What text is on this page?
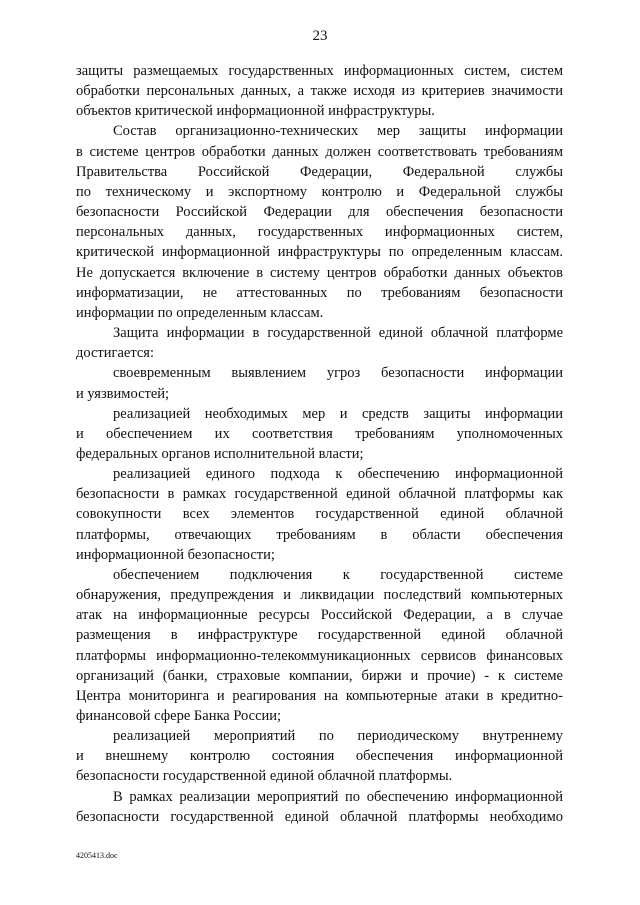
23

защиты размещаемых государственных информационных систем, систем

обработки персональных данных, а также исходя из критериев значимости

объектов критической информационной инфраструктуры.

Состав организационно-технических мер защиты информации

в системе центров обработки данных должен соответствовать требованиям

Правительства Российской Федерации, Федеральной службы

по техническому и экспортному контролю и Федеральной службы

безопасности Российской Федерации для обеспечения безопасности

персональных данных, государственных информационных систем,

критической информационной инфраструктуры по определенным классам.

Не допускается включение в систему центров обработки данных объектов

информатизации, не аттестованных по требованиям безопасности

информации по определенным классам.

Защита информации в государственной единой облачной платформе

достигается:

своевременным выявлением угроз безопасности информации

и уязвимостей;

реализацией необходимых мер и средств защиты информации

и обеспечением их соответствия требованиям уполномоченных

федеральных органов исполнительной власти;

реализацией единого подхода к обеспечению информационной

безопасности в рамках государственной единой облачной платформы как

совокупности всех элементов государственной единой облачной

платформы, отвечающих требованиям в области обеспечения

информационной безопасности;

обеспечением подключения к государственной системе

обнаружения, предупреждения и ликвидации последствий компьютерных

атак на информационные ресурсы Российской Федерации, а в случае

размещения в инфраструктуре государственной единой облачной

платформы информационно-телекоммуникационных сервисов финансовых

организаций (банки, страховые компании, биржи и прочие) - к системе

Центра мониторинга и реагирования на компьютерные атаки в кредитно-

финансовой сфере Банка России;

реализацией мероприятий по периодическому внутреннему

и внешнему контролю состояния обеспечения информационной

безопасности государственной единой облачной платформы.

В рамках реализации мероприятий по обеспечению информационной

безопасности государственной единой облачной платформы необходимо

4205413.doc
